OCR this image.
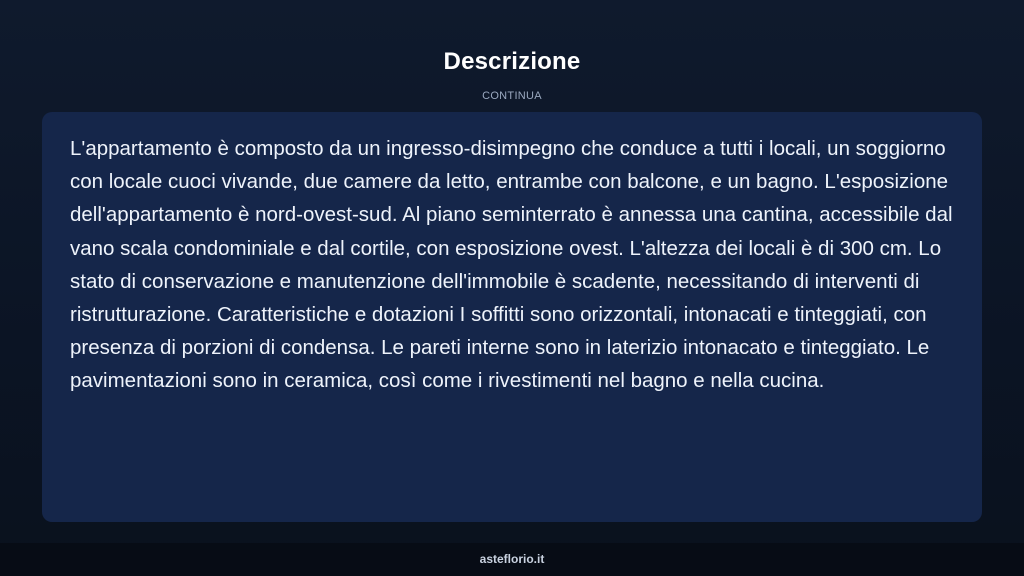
Descrizione
CONTINUA

L'appartamento è composto da un ingresso-disimpegno che conduce a tutti i locali, un soggiorno con locale cuoci vivande, due camere da letto, entrambe con balcone, e un bagno. L'esposizione dell'appartamento è nord-ovest-sud. Al piano seminterrato è annessa una cantina, accessibile dal vano scala condominiale e dal cortile, con esposizione ovest. L'altezza dei locali è di 300 cm. Lo stato di conservazione e manutenzione dell'immobile è scadente, necessitando di interventi di ristrutturazione. Caratteristiche e dotazioni I soffitti sono orizzontali, intonacati e tinteggiati, con presenza di porzioni di condensa. Le pareti interne sono in laterizio intonacato e tinteggiato. Le pavimentazioni sono in ceramica, così come i rivestimenti nel bagno e nella cucina.

asteflorio.it
